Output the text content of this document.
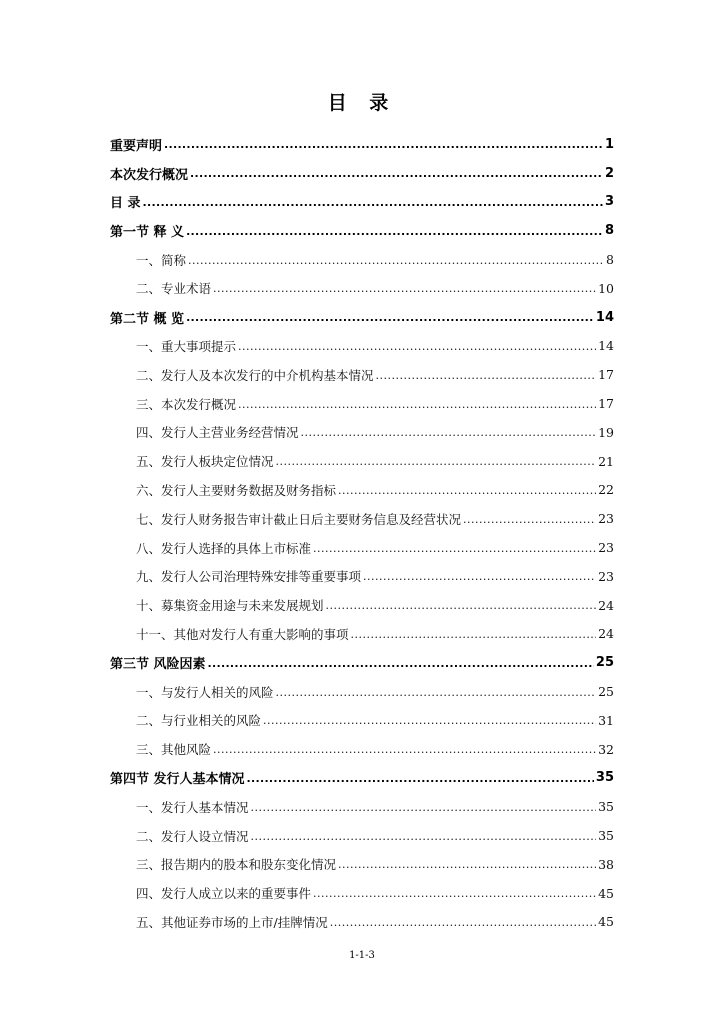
目 录
重要声明 .....	1
本次发行概况 .....	2
目 录 .....	3
第一节 释 义 .....	8
一、简称 .....	8
二、专业术语 .....	10
第二节 概 览 .....	14
一、重大事项提示 .....	14
二、发行人及本次发行的中介机构基本情况 .....	17
三、本次发行概况 .....	17
四、发行人主营业务经营情况 .....	19
五、发行人板块定位情况 .....	21
六、发行人主要财务数据及财务指标 .....	22
七、发行人财务报告审计截止日后主要财务信息及经营状况 .....	23
八、发行人选择的具体上市标准 .....	23
九、发行人公司治理特殊安排等重要事项 .....	23
十、募集资金用途与未来发展规划 .....	24
十一、其他对发行人有重大影响的事项 .....	24
第三节 风险因素 .....	25
一、与发行人相关的风险 .....	25
二、与行业相关的风险 .....	31
三、其他风险 .....	32
第四节 发行人基本情况 .....	35
一、发行人基本情况 .....	35
二、发行人设立情况 .....	35
三、报告期内的股本和股东变化情况 .....	38
四、发行人成立以来的重要事件 .....	45
五、其他证券市场的上市/挂牌情况 .....	45
1-1-3
